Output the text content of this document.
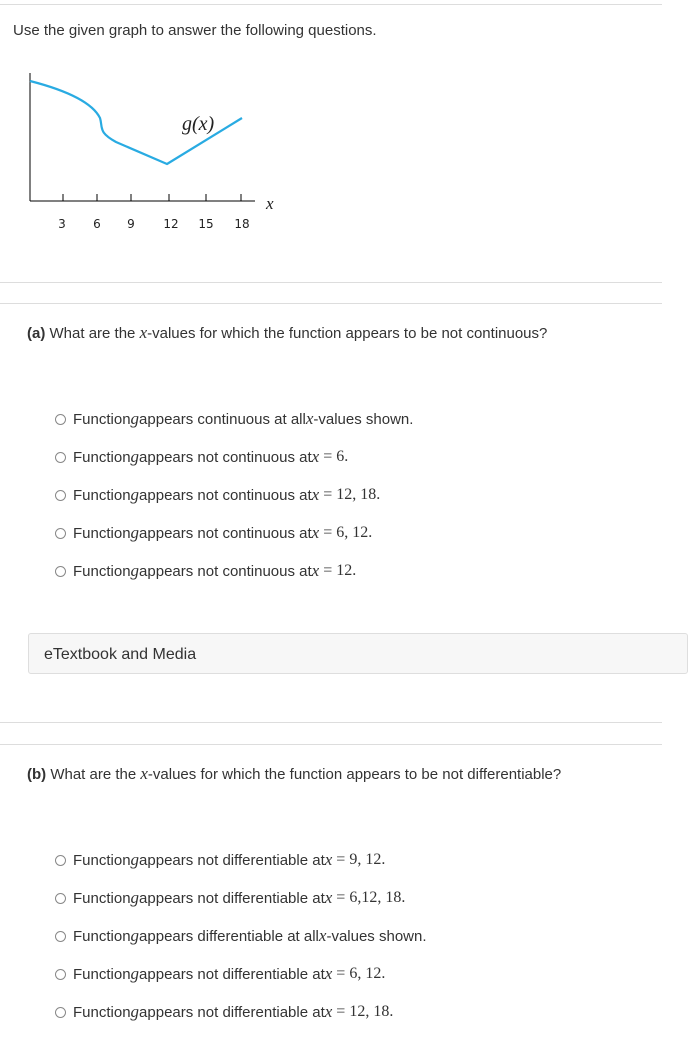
Use the given graph to answer the following questions.
g(x)
x
3 6 9 12 15 18
(a) What are the x-values for which the function appears to be not continuous?
Function g appears continuous at all x -values shown.
Function g appears not continuous at x = 6.
Function g appears not continuous at x = 12, 18.
Function g appears not continuous at x = 6, 12.
Function g appears not continuous at x = 12.
eTextbook and Media
(b) What are the x-values for which the function appears to be not differentiable?
Function g appears not differentiable at x = 9, 12.
Function g appears not differentiable at x = 6,12, 18.
Function g appears differentiable at all x -values shown.
Function g appears not differentiable at x = 6, 12.
Function g appears not differentiable at x = 12, 18.
